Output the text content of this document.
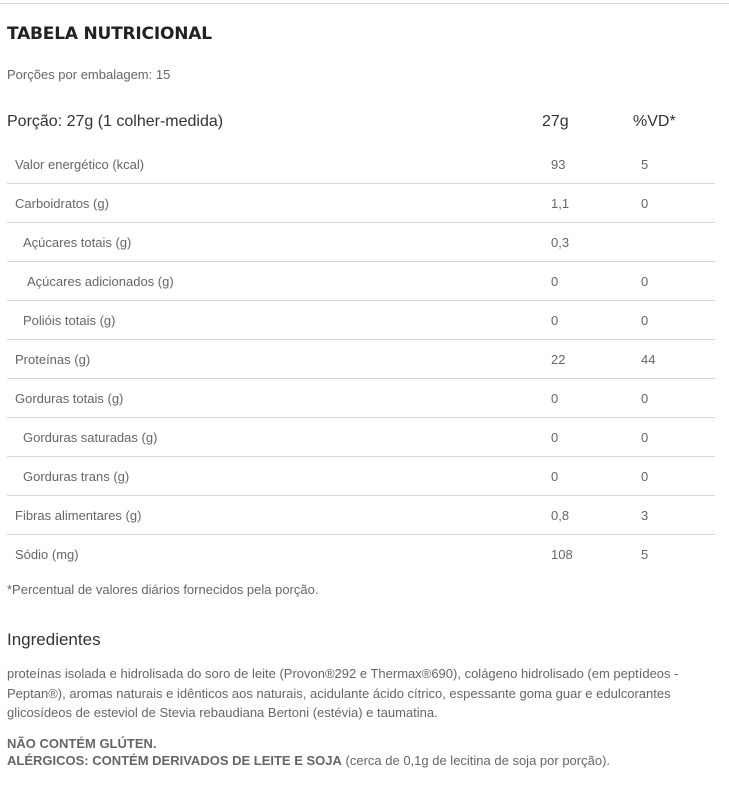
TABELA NUTRICIONAL
Porções por embalagem: 15
Porção: 27g (1 colher-medida)	27g	%VD*
Valor energético (kcal)	93	5
Carboidratos (g)	1,1	0
Açúcares totais (g)	0,3
Açúcares adicionados (g)	0	0
Polióis totais (g)	0	0
Proteínas (g)	22	44
Gorduras totais (g)	0	0
Gorduras saturadas (g)	0	0
Gorduras trans (g)	0	0
Fibras alimentares (g)	0,8	3
Sódio (mg)	108	5
*Percentual de valores diários fornecidos pela porção.
Ingredientes
proteínas isolada e hidrolisada do soro de leite (Provon®292 e Thermax®690), colágeno hidrolisado (em peptídeos - Peptan®), aromas naturais e idênticos aos naturais, acidulante ácido cítrico, espessante goma guar e edulcorantes glicosídeos de esteviol de Stevia rebaudiana Bertoni (estévia) e taumatina.
NÃO CONTÉM GLÚTEN.
ALÉRGICOS: CONTÉM DERIVADOS DE LEITE E SOJA (cerca de 0,1g de lecitina de soja por porção).
